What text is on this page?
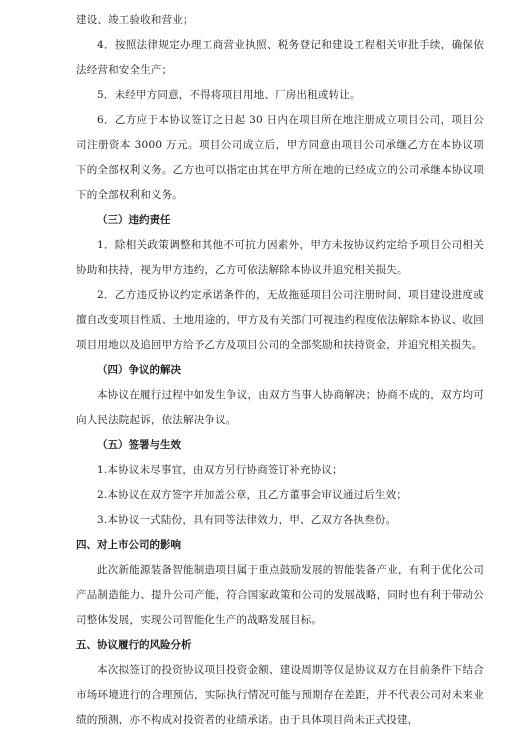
建设、竣工验收和营业；

4．按照法律规定办理工商营业执照、税务登记和建设工程相关审批手续，确保依法经营和安全生产；

5．未经甲方同意，不得将项目用地、厂房出租或转让。

6．乙方应于本协议签订之日起 30 日内在项目所在地注册成立项目公司，项目公司注册资本 3000 万元。项目公司成立后，甲方同意由项目公司承继乙方在本协议项下的全部权利义务。乙方也可以指定由其在甲方所在地的已经成立的公司承继本协议项下的全部权利和义务。

（三）违约责任

1．除相关政策调整和其他不可抗力因素外，甲方未按协议约定给予项目公司相关协助和扶持，视为甲方违约，乙方可依法解除本协议并追究相关损失。

2．乙方违反协议约定承诺条件的，无故拖延项目公司注册时间、项目建设进度或擅自改变项目性质、土地用途的，甲方及有关部门可视违约程度依法解除本协议、收回项目用地以及追回甲方给予乙方及项目公司的全部奖励和扶持资金，并追究相关损失。

（四）争议的解决

本协议在履行过程中如发生争议，由双方当事人协商解决；协商不成的，双方均可向人民法院起诉，依法解决争议。

（五）签署与生效

1.本协议未尽事宜，由双方另行协商签订补充协议；

2.本协议在双方签字并加盖公章，且乙方董事会审议通过后生效；

3.本协议一式陆份，具有同等法律效力，甲、乙双方各执叁份。

四、对上市公司的影响

此次新能源装备智能制造项目属于重点鼓励发展的智能装备产业，有利于优化公司产品制造能力、提升公司产能，符合国家政策和公司的发展战略，同时也有利于带动公司整体发展，实现公司智能化生产的战略发展目标。

五、协议履行的风险分析

本次拟签订的投资协议项目投资金额、建设周期等仅是协议双方在目前条件下结合市场环境进行的合理预估，实际执行情况可能与预期存在差距，并不代表公司对未来业绩的预测，亦不构成对投资者的业绩承诺。由于具体项目尚未正式投建，
